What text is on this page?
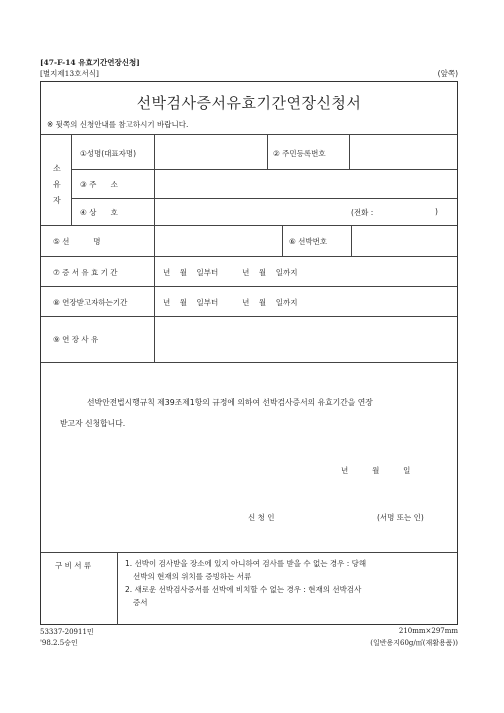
[47-F-14 유효기간연장신청]
[별지제13호서식]	(앞쪽)
선박검사증서유효기간연장신청서
※ 뒷쪽의 신청안내를 참고하시기 바랍니다.
소유자
①성명(대표자명)	② 주민등록번호
③ 주      소
④ 상      호	(전화 :	)
⑤ 선          명	⑥ 선박번호
⑦ 증 서 유 효 기 간	년    월    일부터          년    월    일까지
⑧ 연장받고자하는기간	년    월    일부터          년    월    일까지
⑨ 연 장 사 유
선박안전법시행규칙 제39조제1항의 규정에 의하여 선박검사증서의 유효기간을 연장
받고자 신청합니다.
년          월          일
신 청 인	(서명 또는 인)
구 비 서 류	1. 선박이 검사받을 장소에 있지 아니하여 검사를 받을 수 없는 경우 : 당해
선박의 현재의 위치를 증빙하는 서류
2. 새로운 선박검사증서를 선박에 비치할 수 없는 경우 : 현재의 선박검사
증서
53337-20911민
'98.2.5승인
210mm×297mm
(일반용지60g/㎡(재활용품))
